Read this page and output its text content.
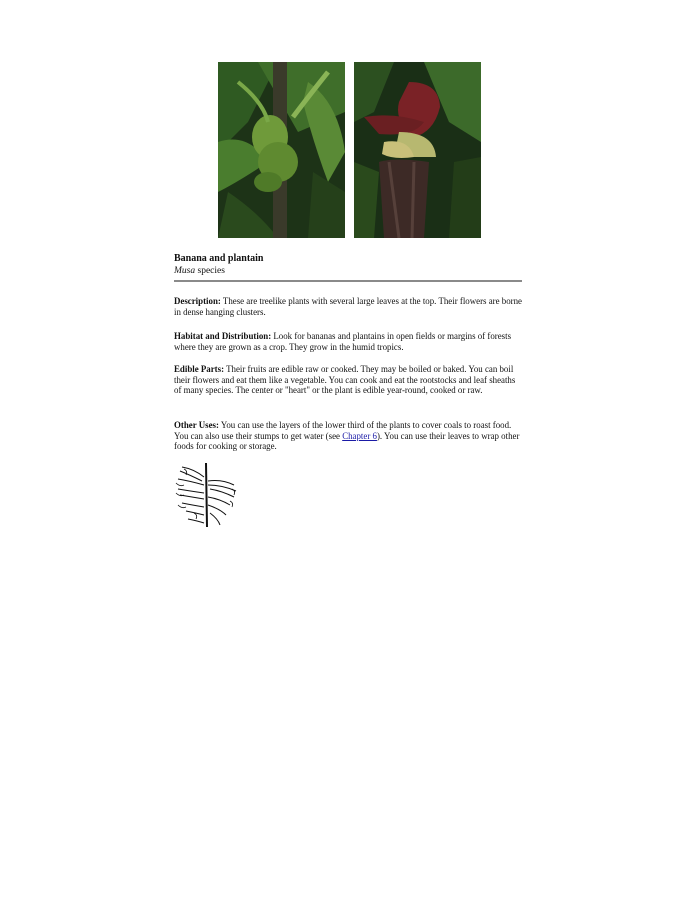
Banana and plantain

Musa species

Description: These are treelike plants with several large leaves at the top. Their flowers are borne in dense hanging clusters.

Habitat and Distribution: Look for bananas and plantains in open fields or margins of forests where they are grown as a crop. They grow in the humid tropics.

Edible Parts: Their fruits are edible raw or cooked. They may be boiled or baked. You can boil their flowers and eat them like a vegetable. You can cook and eat the rootstocks and leaf sheaths of many species. The center or "heart" or the plant is edible year-round, cooked or raw.

Other Uses: You can use the layers of the lower third of the plants to cover coals to roast food. You can also use their stumps to get water (see Chapter 6). You can use their leaves to wrap other foods for cooking or storage.
